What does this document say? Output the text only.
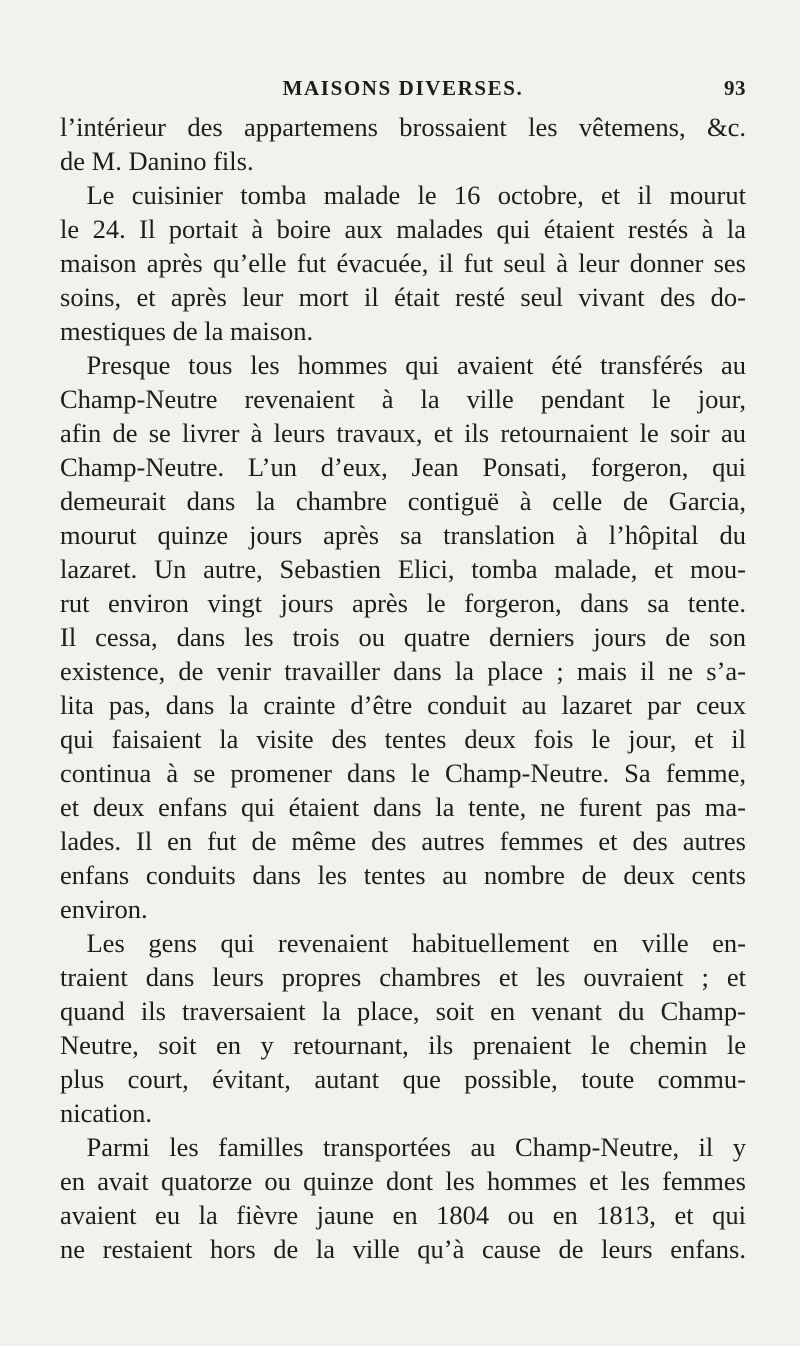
MAISONS DIVERSES.	93
l’intérieur des appartemens brossaient les vêtemens, &c.
de M. Danino fils.
 Le cuisinier tomba malade le 16 octobre, et il mourut
le 24. Il portait à boire aux malades qui étaient restés à la
maison après qu’elle fut évacuée, il fut seul à leur donner ses
soins, et après leur mort il était resté seul vivant des do-
mestiques de la maison.
 Presque tous les hommes qui avaient été transférés au
Champ-Neutre revenaient à la ville pendant le jour,
afin de se livrer à leurs travaux, et ils retournaient le soir au
Champ-Neutre. L’un d’eux, Jean Ponsati, forgeron, qui
demeurait dans la chambre contiguë à celle de Garcia,
mourut quinze jours après sa translation à l’hôpital du
lazaret. Un autre, Sebastien Elici, tomba malade, et mou-
rut environ vingt jours après le forgeron, dans sa tente.
Il cessa, dans les trois ou quatre derniers jours de son
existence, de venir travailler dans la place ; mais il ne s’a-
lita pas, dans la crainte d’être conduit au lazaret par ceux
qui faisaient la visite des tentes deux fois le jour, et il
continua à se promener dans le Champ-Neutre. Sa femme,
et deux enfans qui étaient dans la tente, ne furent pas ma-
lades. Il en fut de même des autres femmes et des autres
enfans conduits dans les tentes au nombre de deux cents
environ.
 Les gens qui revenaient habituellement en ville en-
traient dans leurs propres chambres et les ouvraient ; et
quand ils traversaient la place, soit en venant du Champ-
Neutre, soit en y retournant, ils prenaient le chemin le
plus court, évitant, autant que possible, toute commu-
nication.
 Parmi les familles transportées au Champ-Neutre, il y
en avait quatorze ou quinze dont les hommes et les femmes
avaient eu la fièvre jaune en 1804 ou en 1813, et qui
ne restaient hors de la ville qu’à cause de leurs enfans.
